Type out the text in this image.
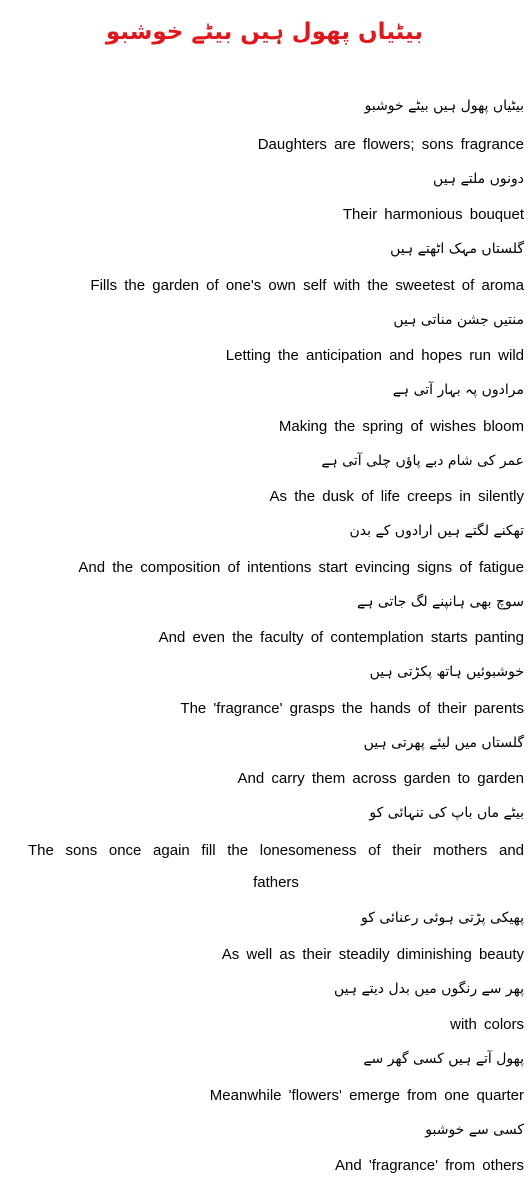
بیٹیاں پھول ہیں بیٹے خوشبو
بیٹیاں پھول ہیں بیٹے خوشبو
Daughters are flowers; sons fragrance
دونوں ملتے ہیں
Their harmonious bouquet
گلستاں مہک اٹھتے ہیں
Fills the garden of one's own self with the sweetest of aroma
منتیں جشن مناتی ہیں
Letting the anticipation and hopes run wild
مرادوں پہ بہار آتی ہے
Making the spring of wishes bloom
عمر کی شام دبے پاؤں چلی آتی ہے
As the dusk of life creeps in silently
تھکنے لگتے ہیں ارادوں کے بدن
And the composition of intentions start evincing signs of fatigue
سوچ بھی ہانپنے لگ جاتی ہے
And even the faculty of contemplation starts panting
خوشبوئیں ہاتھ پکڑتی ہیں
The 'fragrance' grasps the hands of their parents
گلستاں میں لیئے پھرتی ہیں
And carry them across garden to garden
بیٹے ماں باپ کی تنہائی کو
The sons once again fill the lonesomeness of their mothers and fathers
پھیکی پڑتی ہوئی رعنائی کو
As well as their steadily diminishing beauty
پھر سے رنگوں میں بدل دیتے ہیں
with colors
پھول آتے ہیں کسی گھر سے
Meanwhile 'flowers' emerge from one quarter
کسی سے خوشبو
And 'fragrance' from others
